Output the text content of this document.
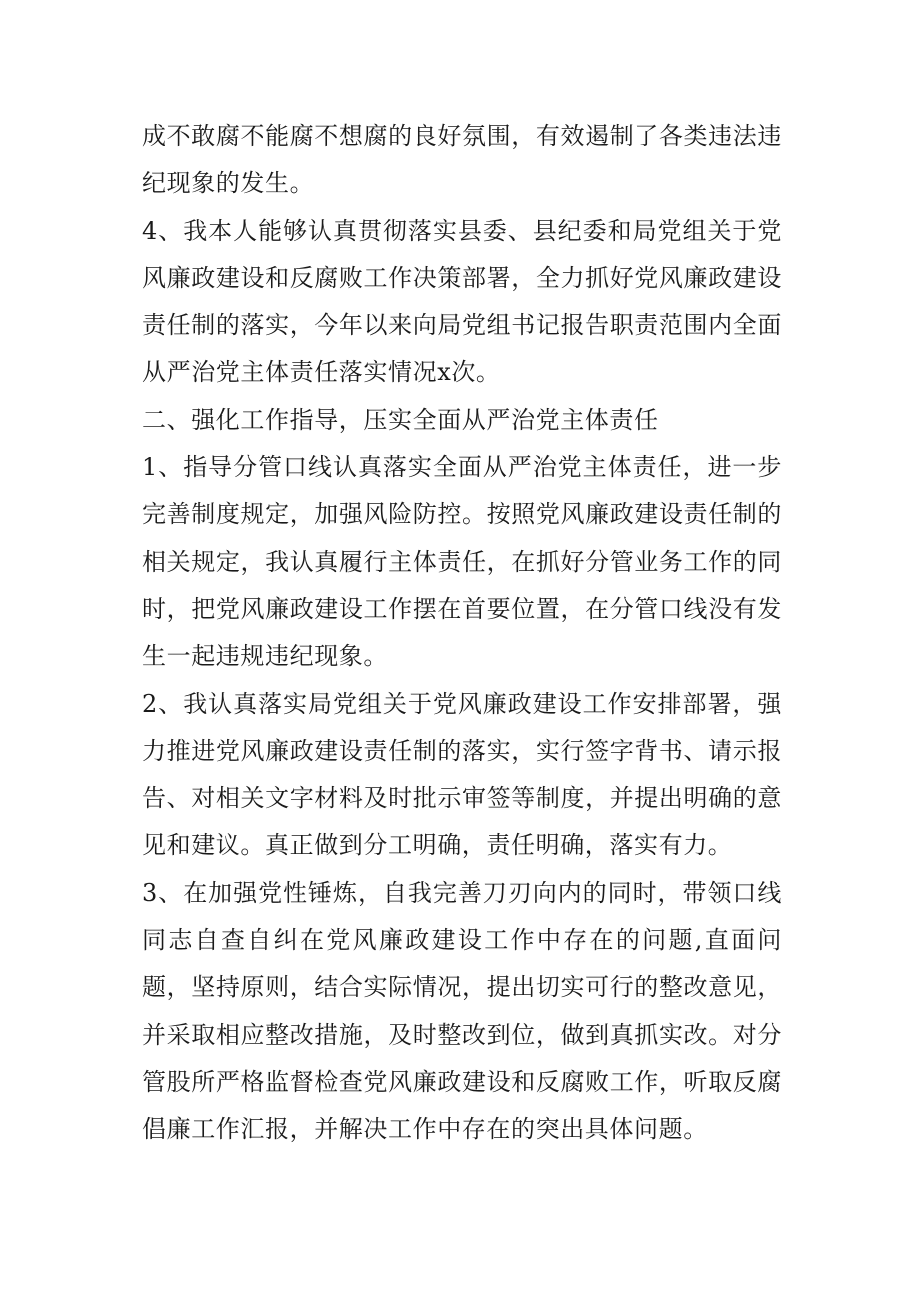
成不敢腐不能腐不想腐的良好氛围，有效遏制了各类违法违纪现象的发生。

4、我本人能够认真贯彻落实县委、县纪委和局党组关于党风廉政建设和反腐败工作决策部署，全力抓好党风廉政建设责任制的落实，今年以来向局党组书记报告职责范围内全面从严治党主体责任落实情况x次。

二、强化工作指导，压实全面从严治党主体责任

1、指导分管口线认真落实全面从严治党主体责任，进一步完善制度规定，加强风险防控。按照党风廉政建设责任制的相关规定，我认真履行主体责任，在抓好分管业务工作的同时，把党风廉政建设工作摆在首要位置，在分管口线没有发生一起违规违纪现象。

2、我认真落实局党组关于党风廉政建设工作安排部署，强力推进党风廉政建设责任制的落实，实行签字背书、请示报告、对相关文字材料及时批示审签等制度，并提出明确的意见和建议。真正做到分工明确，责任明确，落实有力。

3、在加强党性锤炼，自我完善刀刃向内的同时，带领口线同志自查自纠在党风廉政建设工作中存在的问题,直面问题，坚持原则，结合实际情况，提出切实可行的整改意见，并采取相应整改措施，及时整改到位，做到真抓实改。对分管股所严格监督检查党风廉政建设和反腐败工作，听取反腐倡廉工作汇报，并解决工作中存在的突出具体问题。
